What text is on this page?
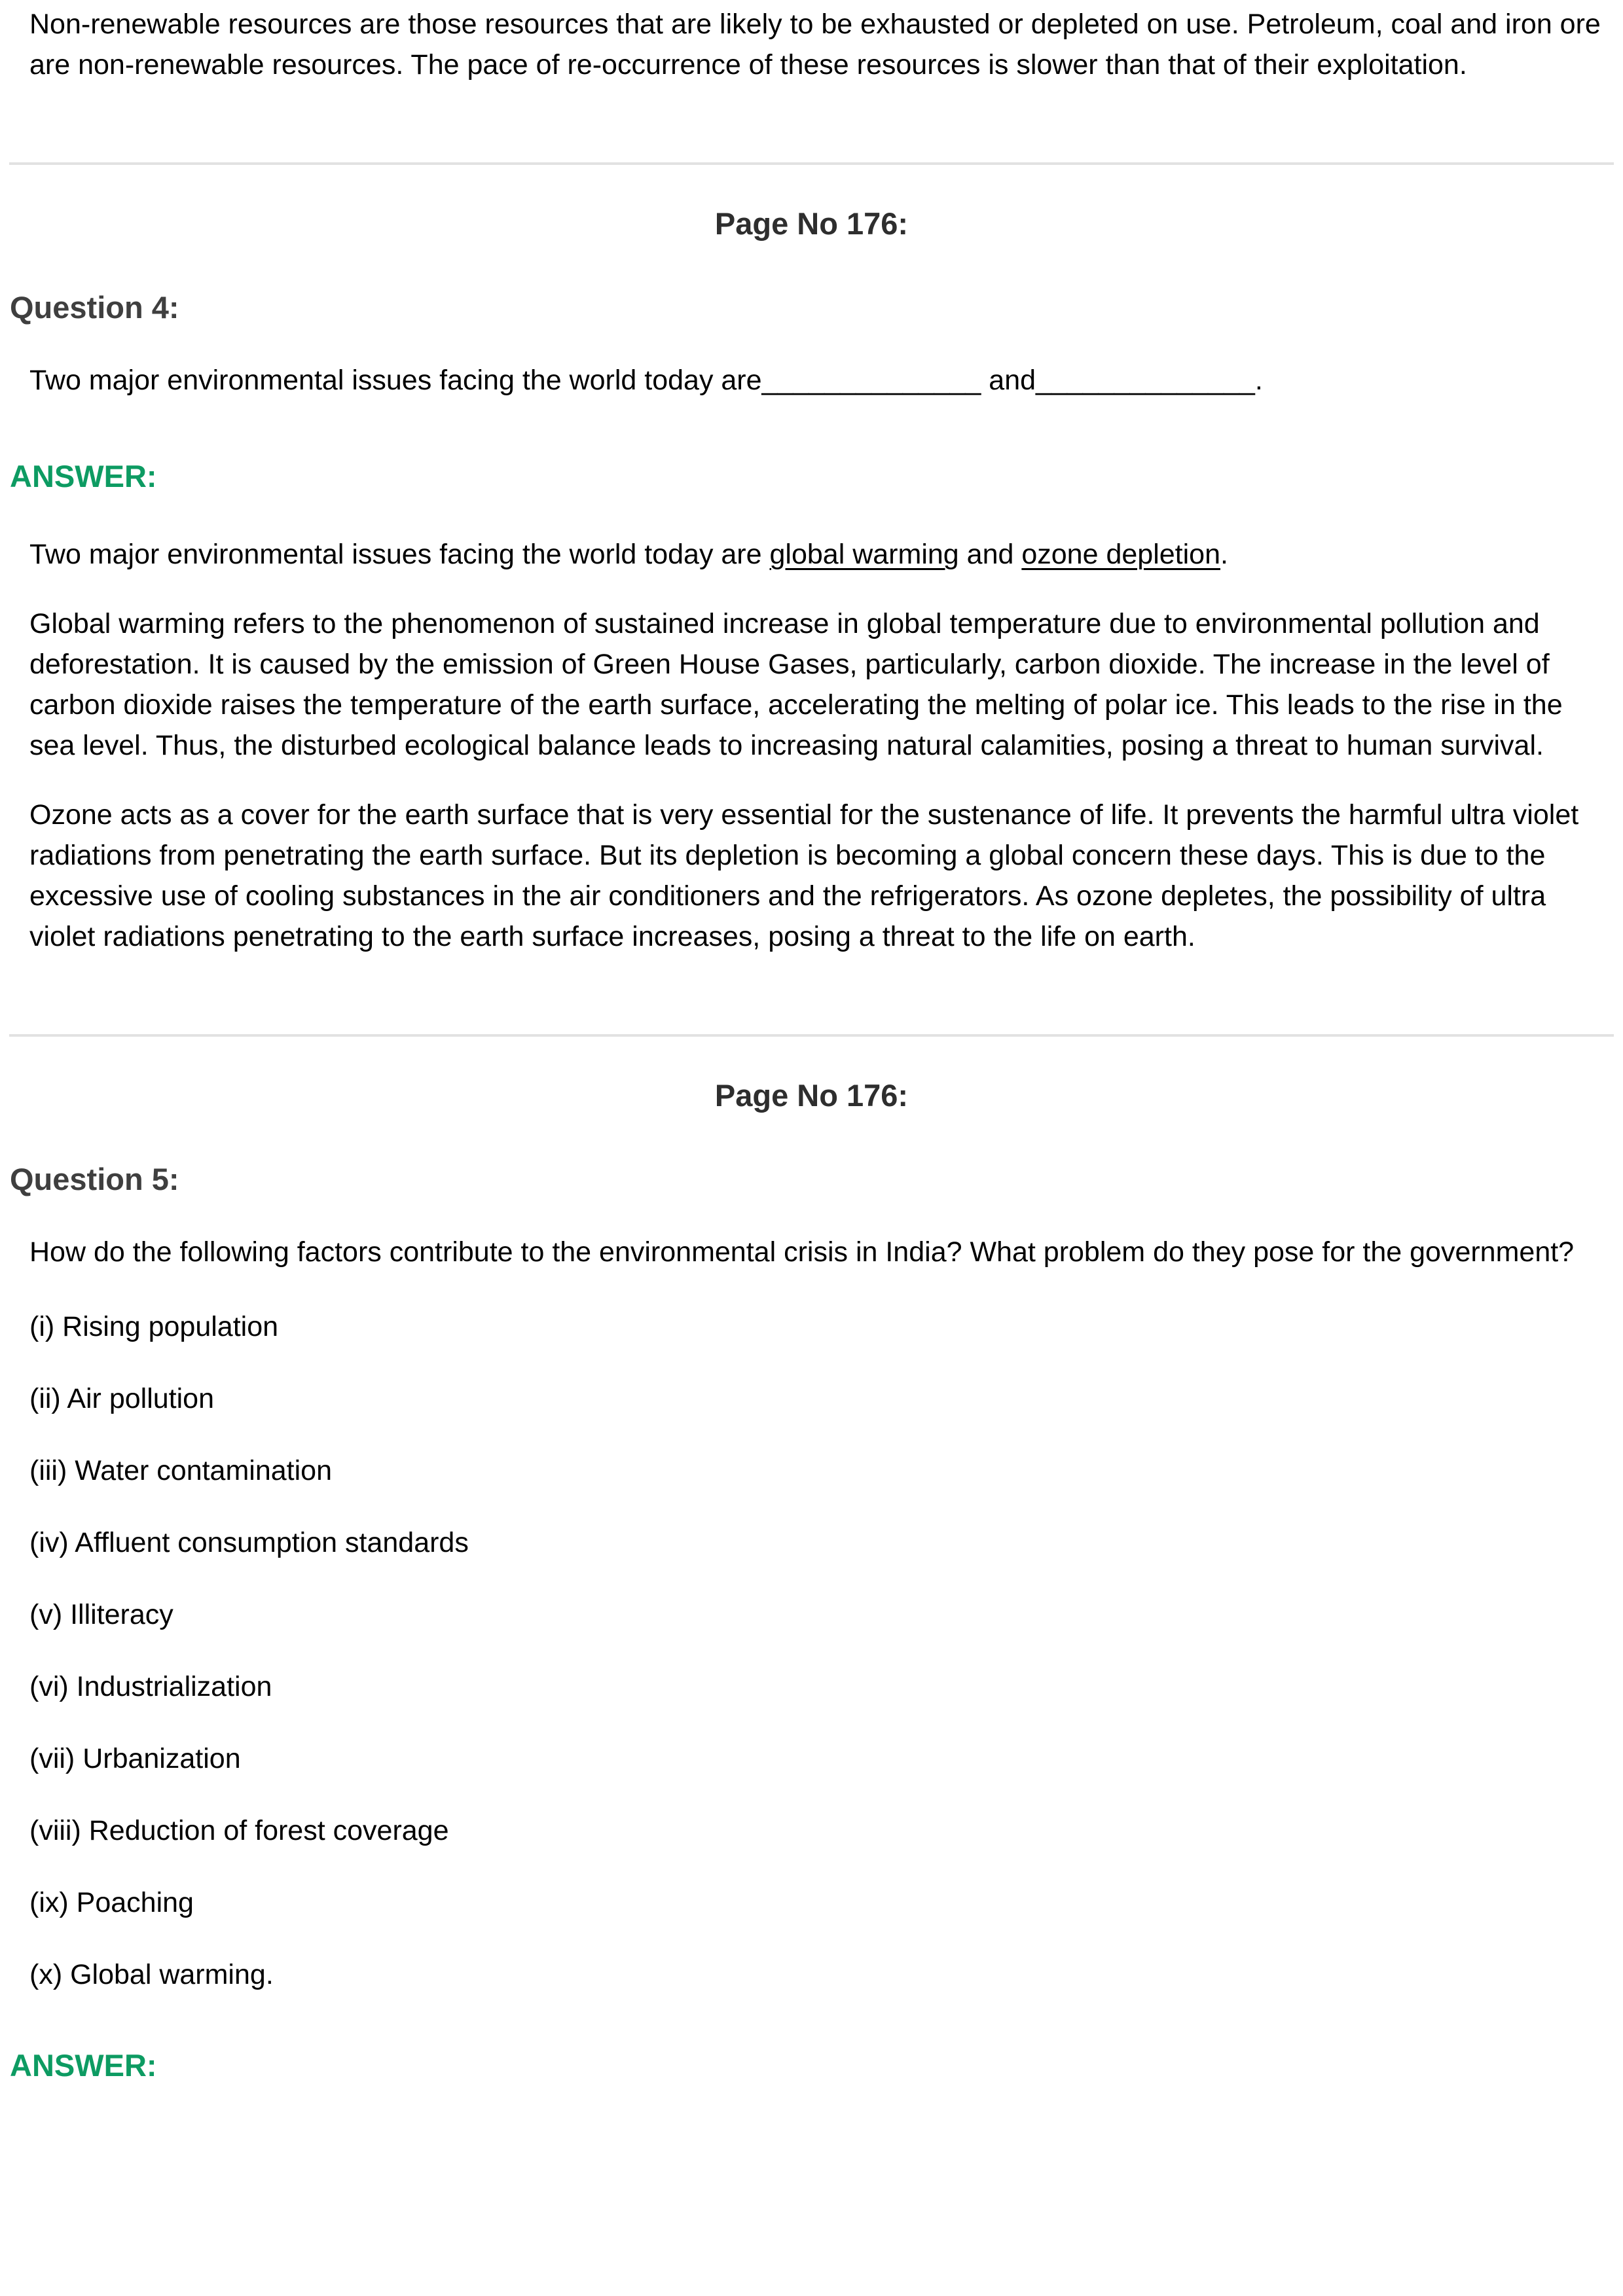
Non-renewable resources are those resources that are likely to be exhausted or depleted on use. Petroleum, coal and iron ore are non-renewable resources. The pace of re-occurrence of these resources is slower than that of their exploitation.

Page No 176:

Question 4:

Two major environmental issues facing the world today are______________ and______________.

ANSWER:

Two major environmental issues facing the world today are global warming and ozone depletion.

Global warming refers to the phenomenon of sustained increase in global temperature due to environmental pollution and deforestation. It is caused by the emission of Green House Gases, particularly, carbon dioxide. The increase in the level of carbon dioxide raises the temperature of the earth surface, accelerating the melting of polar ice. This leads to the rise in the sea level. Thus, the disturbed ecological balance leads to increasing natural calamities, posing a threat to human survival.

Ozone acts as a cover for the earth surface that is very essential for the sustenance of life. It prevents the harmful ultra violet radiations from penetrating the earth surface. But its depletion is becoming a global concern these days. This is due to the excessive use of cooling substances in the air conditioners and the refrigerators. As ozone depletes, the possibility of ultra violet radiations penetrating to the earth surface increases, posing a threat to the life on earth.

Page No 176:

Question 5:

How do the following factors contribute to the environmental crisis in India? What problem do they pose for the government?

(i) Rising population

(ii) Air pollution

(iii) Water contamination

(iv) Affluent consumption standards

(v) Illiteracy

(vi) Industrialization

(vii) Urbanization

(viii) Reduction of forest coverage

(ix) Poaching

(x) Global warming.

ANSWER:
